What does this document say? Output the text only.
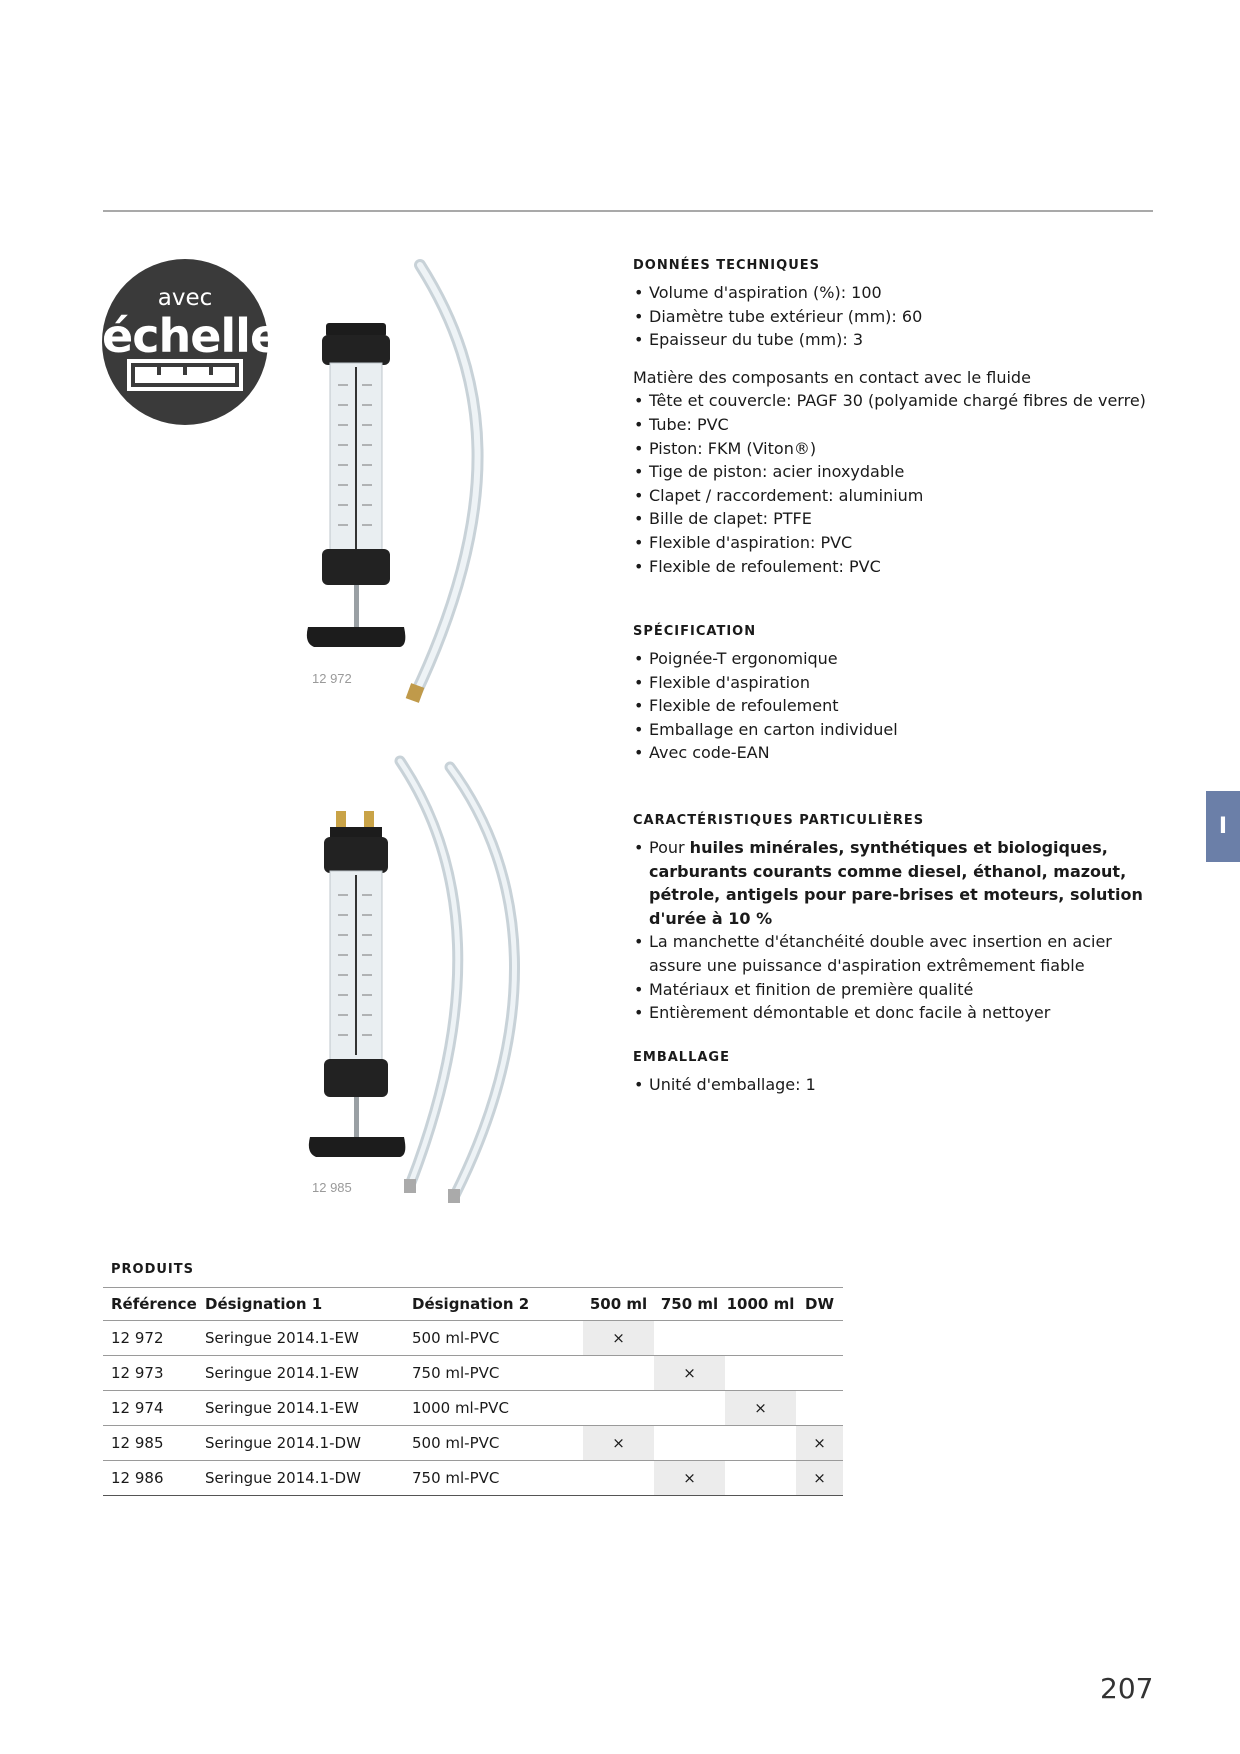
avec
échelle
12 972
12 985
DONNÉES TECHNIQUES
• Volume d'aspiration (%): 100
• Diamètre tube extérieur (mm): 60
• Epaisseur du tube (mm): 3
Matière des composants en contact avec le fluide
• Tête et couvercle: PAGF 30 (polyamide chargé fibres de verre)
• Tube: PVC
• Piston: FKM (Viton®)
• Tige de piston: acier inoxydable
• Clapet / raccordement: aluminium
• Bille de clapet: PTFE
• Flexible d'aspiration: PVC
• Flexible de refoulement: PVC
SPÉCIFICATION
• Poignée-T ergonomique
• Flexible d'aspiration
• Flexible de refoulement
• Emballage en carton individuel
• Avec code-EAN
CARACTÉRISTIQUES PARTICULIÈRES
• Pour huiles minérales, synthétiques et biologiques, carburants courants comme diesel, éthanol, mazout, pétrole, antigels pour pare-brises et moteurs, solution d'urée à 10 %
• La manchette d'étanchéité double avec insertion en acier assure une puissance d'aspiration extrêmement fiable
• Matériaux et finition de première qualité
• Entièrement démontable et donc facile à nettoyer
EMBALLAGE
• Unité d'emballage: 1
I
PRODUITS
Référence	Désignation 1	Désignation 2	500 ml	750 ml	1000 ml	DW
12 972	Seringue 2014.1-EW	500 ml-PVC	×			
12 973	Seringue 2014.1-EW	750 ml-PVC		×		
12 974	Seringue 2014.1-EW	1000 ml-PVC			×	
12 985	Seringue 2014.1-DW	500 ml-PVC	×			×
12 986	Seringue 2014.1-DW	750 ml-PVC		×		×
207
